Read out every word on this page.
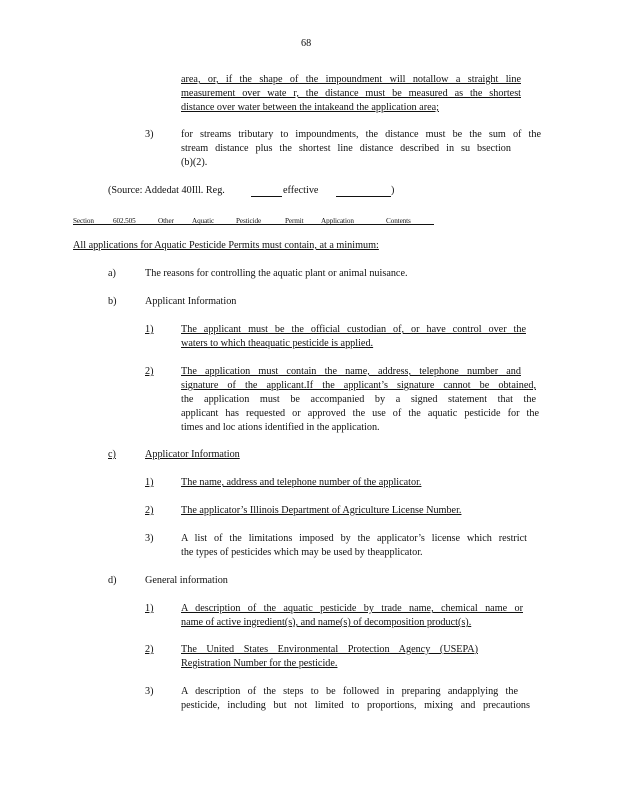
68
area, or, if the shape of the impoundment will notallow a straight line
measurement over wate r, the distance must be measured as the shortest
distance over water between the intakeand the application area;
3)	for streams tributary to impoundments, the distance must be the sum of the
stream distance plus the shortest line distance described in su bsection
(b)(2).
(Source: Addedat 40Ill. Reg.	effective	)
Section	602.505	Other	Aquatic	Pesticide	Permit Application	Contents
All applications for Aquatic Pesticide Permits must contain, at a minimum:
a)	The reasons for controlling the aquatic plant or animal nuisance.
b)	Applicant Information
1)	The applicant must be the official custodian of, or have control over the
waters to which theaquatic pesticide is applied.
2)	The application must contain the name, address, telephone number and
signature of the applicant.If the applicant’s signature cannot be obtained,
the application must be accompanied by a signed statement that the
applicant has requested or approved the use of the aquatic pesticide for the
times and loc ations identified in the application.
c)	Applicator Information
1)	The name, address and telephone number of the applicator.
2)	The applicator’s Illinois Department of Agriculture License Number.
3)	A list of the limitations imposed by the applicator’s license which restrict
the types of pesticides which may be used by theapplicator.
d)	General information
1)	A description of the aquatic pesticide by trade name, chemical name or
name of active ingredient(s), and name(s) of decomposition product(s).
2)	The United States Environmental Protection Agency (USEPA)
Registration Number for the pesticide.
3)	A description of the steps to be followed in preparing andapplying the
pesticide, including but not limited to proportions, mixing and precautions
